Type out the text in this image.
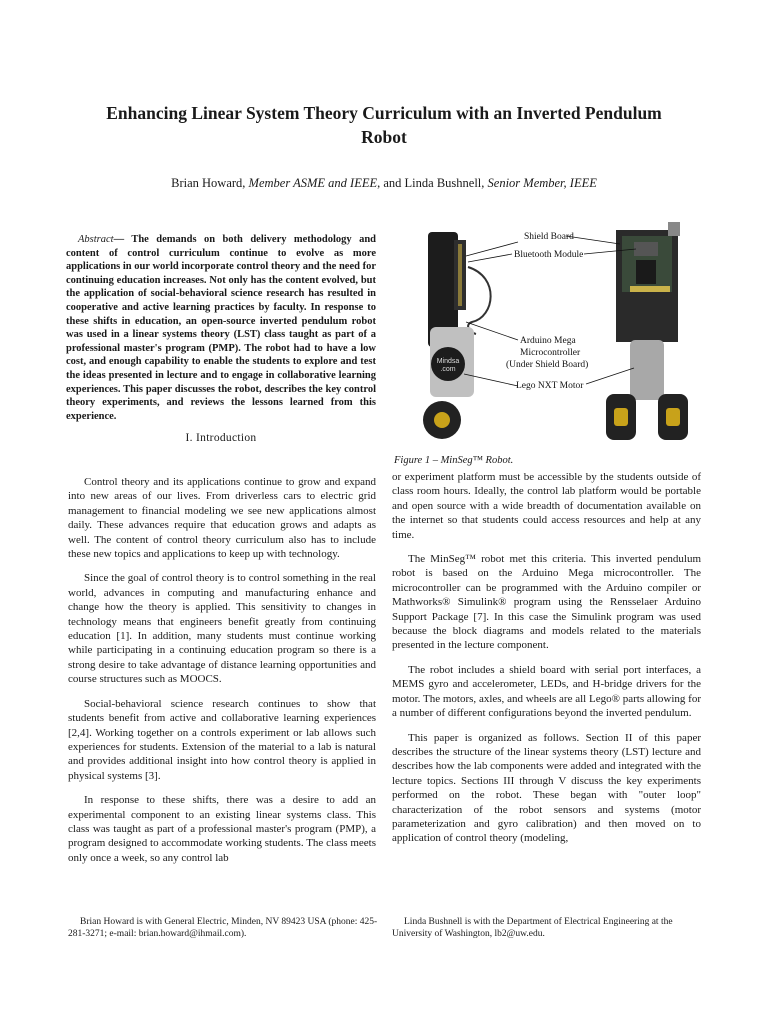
Enhancing Linear System Theory Curriculum with an Inverted Pendulum Robot

Brian Howard, Member ASME and IEEE, and Linda Bushnell, Senior Member, IEEE

Abstract— The demands on both delivery methodology and content of control curriculum continue to evolve as more applications in our world incorporate control theory and the need for continuing education increases. Not only has the content evolved, but the application of social-behavioral science research has resulted in cooperative and active learning practices by faculty. In response to these shifts in education, an open-source inverted pendulum robot was used in a linear systems theory (LST) class taught as part of a professional master's program (PMP). The robot had to have a low cost, and enough capability to enable the students to explore and test the ideas presented in lecture and to engage in collaborative learning experiences. This paper discusses the robot, describes the key control theory experiments, and reviews the lessons learned from this experience.

I. Introduction

Control theory and its applications continue to grow and expand into new areas of our lives. From driverless cars to electric grid management to financial modeling we see new applications almost daily. These advances require that education grows and adapts as well. The content of control theory curriculum also has to include these new topics and applications to keep up with technology.

Since the goal of control theory is to control something in the real world, advances in computing and manufacturing enhance and change how the theory is applied. This sensitivity to changes in technology means that engineers benefit greatly from continuing education [1]. In addition, many students must continue working while participating in a continuing education program so there is a strong desire to take advantage of distance learning opportunities and course structures such as MOOCS.

Social-behavioral science research continues to show that students benefit from active and collaborative learning experiences [2,4]. Working together on a controls experiment or lab allows such experiences for students. Extension of the material to a lab is natural and provides additional insight into how control theory is applied in physical systems [3].

In response to these shifts, there was a desire to add an experimental component to an existing linear systems class. This class was taught as part of a professional master's program (PMP), a program designed to accommodate working students. The class meets only once a week, so any control lab

Mindsa
.com
Shield Board
Bluetooth Module
Arduino Mega
Microcontroller
(Under Shield Board)
Lego NXT Motor

Figure 1 – MinSeg™ Robot.

or experiment platform must be accessible by the students outside of class room hours. Ideally, the control lab platform would be portable and open source with a wide breadth of documentation available on the internet so that students could access resources and help at any time.

The MinSeg™ robot met this criteria. This inverted pendulum robot is based on the Arduino Mega microcontroller. The microcontroller can be programmed with the Arduino compiler or Mathworks® Simulink® program using the Rensselaer Arduino Support Package [7]. In this case the Simulink program was used because the block diagrams and models related to the materials presented in the lecture component.

The robot includes a shield board with serial port interfaces, a MEMS gyro and accelerometer, LEDs, and H-bridge drivers for the motor. The motors, axles, and wheels are all Lego® parts allowing for a number of different configurations beyond the inverted pendulum.

This paper is organized as follows. Section II of this paper describes the structure of the linear systems theory (LST) lecture and describes how the lab components were added and integrated with the lecture topics. Sections III through V discuss the key experiments performed on the robot. These began with "outer loop" characterization of the robot sensors and systems (motor parameterization and gyro calibration) and then moved on to application of control theory (modeling,

Brian Howard is with General Electric, Minden, NV 89423 USA (phone: 425-281-3271; e-mail: brian.howard@ihmail.com).

Linda Bushnell is with the Department of Electrical Engineering at the University of Washington, lb2@uw.edu.
